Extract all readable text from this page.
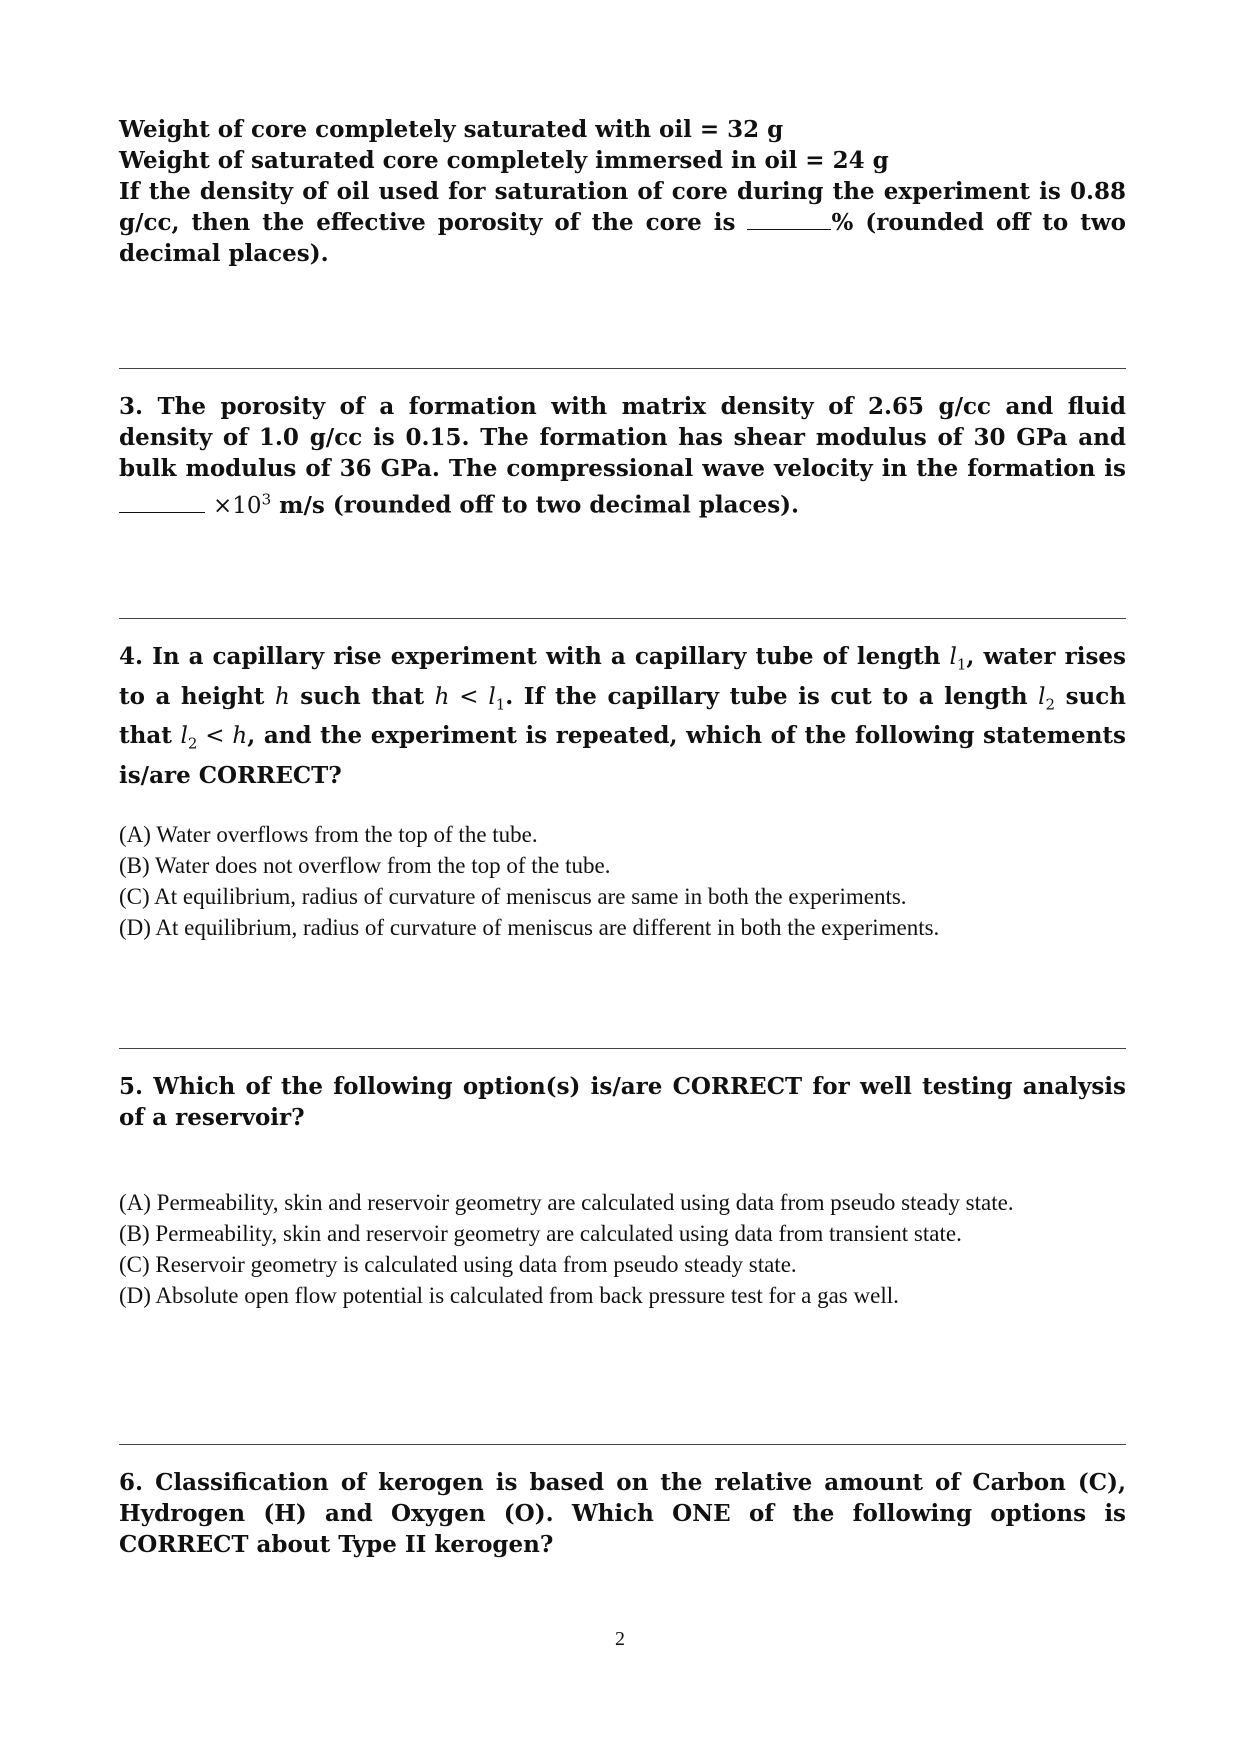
Weight of core completely saturated with oil = 32 g
Weight of saturated core completely immersed in oil = 24 g
If the density of oil used for saturation of core during the experiment is 0.88 g/cc, then the effective porosity of the core is	% (rounded off to two decimal places).
3. The porosity of a formation with matrix density of 2.65 g/cc and fluid density of 1.0 g/cc is 0.15. The formation has shear modulus of 30 GPa and bulk modulus of 36 GPa. The compressional wave velocity in the formation is  $\times 10^3$ m/s (rounded off to two decimal places).
4. In a capillary rise experiment with a capillary tube of length $l_1$, water rises to a height h such that $h < l_1$. If the capillary tube is cut to a length $l_2$ such that $l_2 < h$, and the experiment is repeated, which of the following statements is/are CORRECT?
(A) Water overflows from the top of the tube.
(B) Water does not overflow from the top of the tube.
(C) At equilibrium, radius of curvature of meniscus are same in both the experiments.
(D) At equilibrium, radius of curvature of meniscus are different in both the experiments.
5. Which of the following option(s) is/are CORRECT for well testing analysis of a reservoir?
(A) Permeability, skin and reservoir geometry are calculated using data from pseudo steady state.
(B) Permeability, skin and reservoir geometry are calculated using data from transient state.
(C) Reservoir geometry is calculated using data from pseudo steady state.
(D) Absolute open flow potential is calculated from back pressure test for a gas well.
6. Classification of kerogen is based on the relative amount of Carbon (C), Hydrogen (H) and Oxygen (O). Which ONE of the following options is CORRECT about Type II kerogen?
2
